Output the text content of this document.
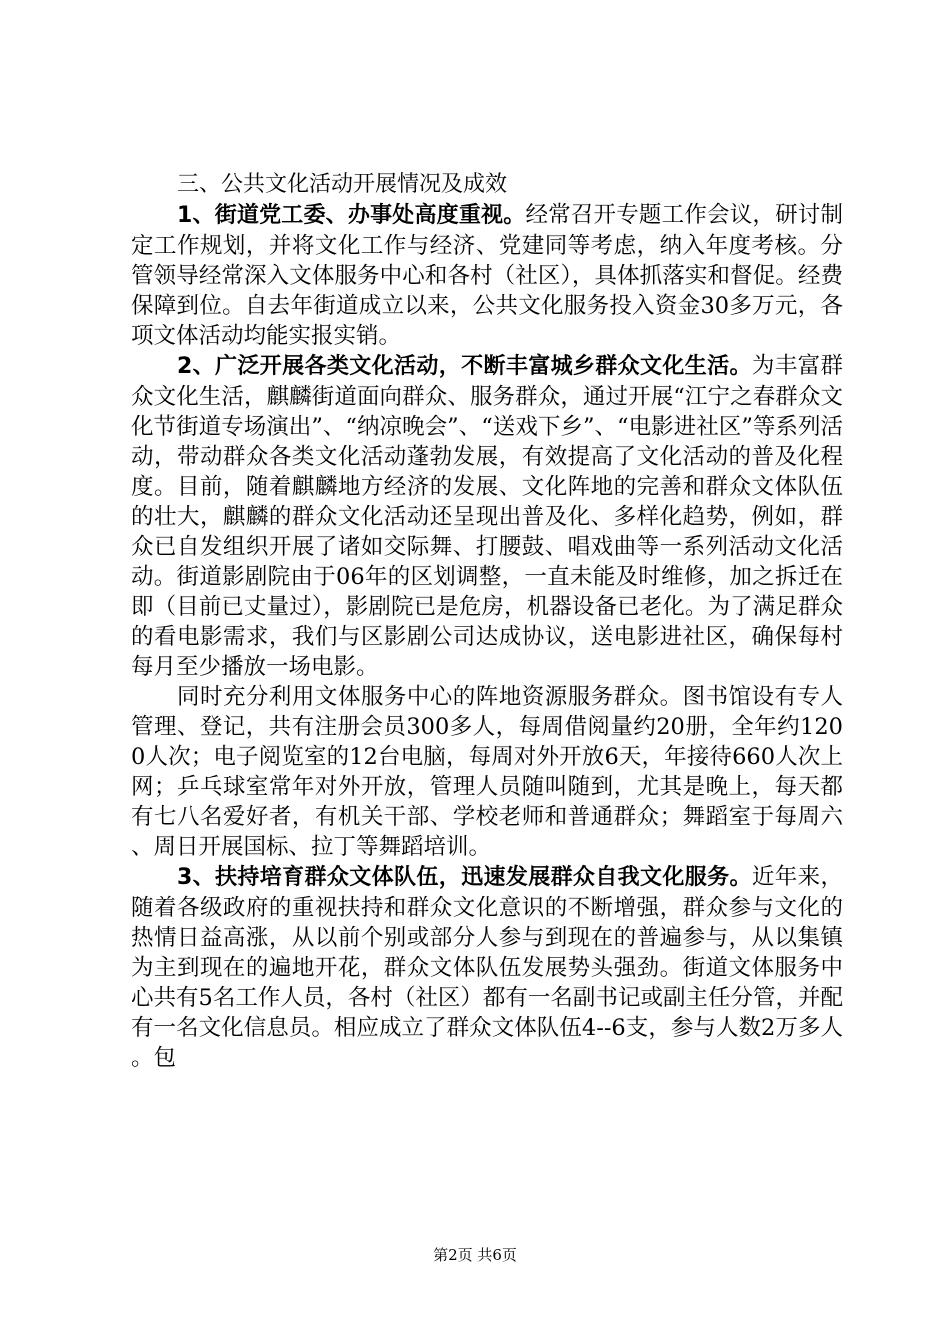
三、公共文化活动开展情况及成效

1、街道党工委、办事处高度重视。经常召开专题工作会议，研讨制定工作规划，并将文化工作与经济、党建同等考虑，纳入年度考核。分管领导经常深入文体服务中心和各村（社区），具体抓落实和督促。经费保障到位。自去年街道成立以来，公共文化服务投入资金30多万元，各项文体活动均能实报实销。

2、广泛开展各类文化活动，不断丰富城乡群众文化生活。为丰富群众文化生活，麒麟街道面向群众、服务群众，通过开展“江宁之春群众文化节街道专场演出”、“纳凉晚会”、“送戏下乡”、“电影进社区”等系列活动，带动群众各类文化活动蓬勃发展，有效提高了文化活动的普及化程度。目前，随着麒麟地方经济的发展、文化阵地的完善和群众文体队伍的壮大，麒麟的群众文化活动还呈现出普及化、多样化趋势，例如，群众已自发组织开展了诸如交际舞、打腰鼓、唱戏曲等一系列活动文化活动。街道影剧院由于06年的区划调整，一直未能及时维修，加之拆迁在即（目前已丈量过），影剧院已是危房，机器设备已老化。为了满足群众的看电影需求，我们与区影剧公司达成协议，送电影进社区，确保每村每月至少播放一场电影。

同时充分利用文体服务中心的阵地资源服务群众。图书馆设有专人管理、登记，共有注册会员300多人，每周借阅量约20册，全年约1200人次；电子阅览室的12台电脑，每周对外开放6天，年接待660人次上网；乒乓球室常年对外开放，管理人员随叫随到，尤其是晚上，每天都有七八名爱好者，有机关干部、学校老师和普通群众；舞蹈室于每周六、周日开展国标、拉丁等舞蹈培训。

3、扶持培育群众文体队伍，迅速发展群众自我文化服务。近年来，随着各级政府的重视扶持和群众文化意识的不断增强，群众参与文化的热情日益高涨，从以前个别或部分人参与到现在的普遍参与，从以集镇为主到现在的遍地开花，群众文体队伍发展势头强劲。街道文体服务中心共有5名工作人员，各村（社区）都有一名副书记或副主任分管，并配有一名文化信息员。相应成立了群众文体队伍4--6支，参与人数2万多人。包

第2页 共6页
